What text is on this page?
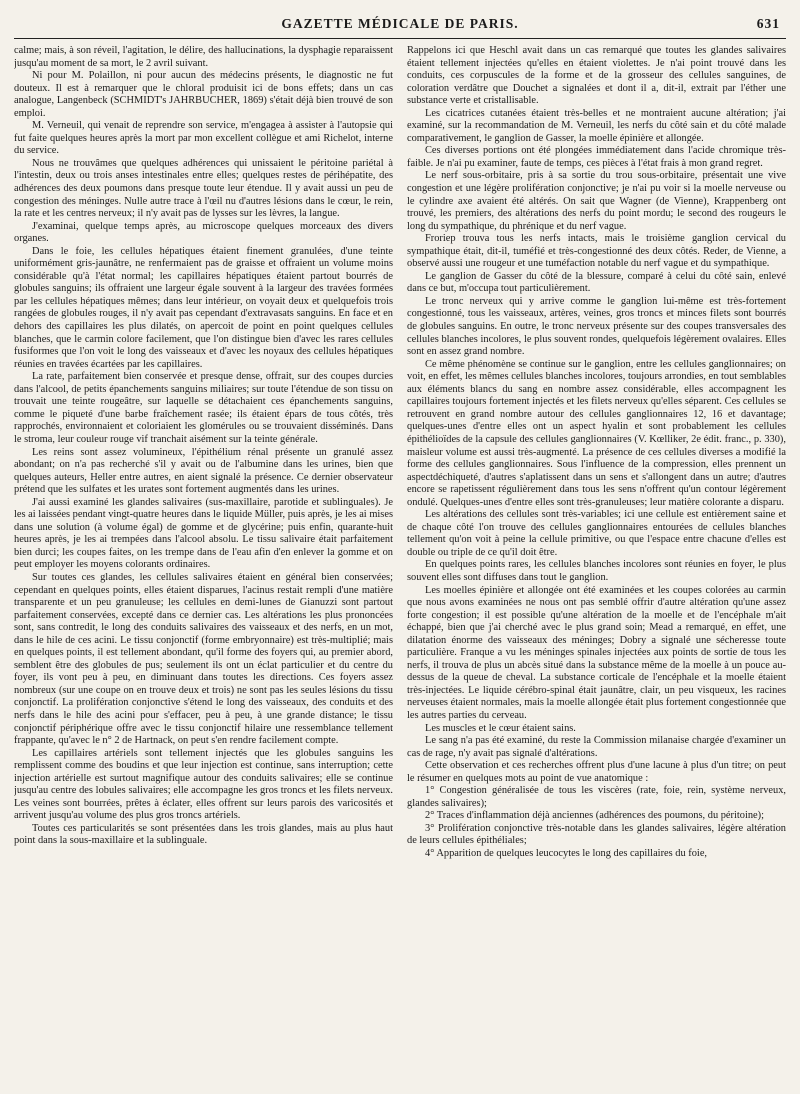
GAZETTE MÉDICALE DE PARIS.	631

calme; mais, à son réveil, l'agitation, le délire, des hallucinations, la dysphagie reparaissent jusqu'au moment de sa mort, le 2 avril suivant.

Ni pour M. Polaillon, ni pour aucun des médecins présents, le diagnostic ne fut douteux. Il est à remarquer que le chloral produisit ici de bons effets; dans un cas analogue, Langenbeck (SCHMIDT's JAHRBUCHER, 1869) s'était déjà bien trouvé de son emploi.

M. Verneuil, qui venait de reprendre son service, m'engagea à assister à l'autopsie qui fut faite quelques heures après la mort par mon excellent collègue et ami Richelot, interne du service.

Nous ne trouvâmes que quelques adhérences qui unissaient le péritoine pariétal à l'intestin, deux ou trois anses intestinales entre elles; quelques restes de périhépatite, des adhérences des deux poumons dans presque toute leur étendue. Il y avait aussi un peu de congestion des méninges. Nulle autre trace à l'œil nu d'autres lésions dans le cœur, le rein, la rate et les centres nerveux; il n'y avait pas de lysses sur les lèvres, la langue.

J'examinai, quelque temps après, au microscope quelques morceaux des divers organes.

Dans le foie, les cellules hépatiques étaient finement granulées, d'une teinte uniformément gris-jaunâtre, ne renfermaient pas de graisse et offraient un volume moins considérable qu'à l'état normal; les capillaires hépatiques étaient partout bourrés de globules sanguins; ils offraient une largeur égale souvent à la largeur des travées formées par les cellules hépatiques mêmes; dans leur intérieur, on voyait deux et quelquefois trois rangées de globules rouges, il n'y avait pas cependant d'extravasats sanguins. En face et en dehors des capillaires les plus dilatés, on apercoit de point en point quelques cellules blanches, que le carmin colore facilement, que l'on distingue bien d'avec les rares cellules fusiformes que l'on voit le long des vaisseaux et d'avec les noyaux des cellules hépatiques réunies en travées écartées par les capillaires.

La rate, parfaitement bien conservée et presque dense, offrait, sur des coupes durcies dans l'alcool, de petits épanchements sanguins miliaires; sur toute l'étendue de son tissu on trouvait une teinte rougeâtre, sur laquelle se détachaient ces épanchements sanguins, comme le piqueté d'une barbe fraîchement rasée; ils étaient épars de tous côtés, très rapprochés, environnaient et coloriaient les glomérules ou se trouvaient disséminés. Dans le stroma, leur couleur rouge vif tranchait aisément sur la teinte générale.

Les reins sont assez volumineux, l'épithélium rénal présente un granulé assez abondant; on n'a pas recherché s'il y avait ou de l'albumine dans les urines, bien que quelques auteurs, Heller entre autres, en aient signalé la présence. Ce dernier observateur prétend que les sulfates et les urates sont fortement augmentés dans les urines.

J'ai aussi examiné les glandes salivaires (sus-maxillaire, parotide et sublinguales). Je les ai laissées pendant vingt-quatre heures dans le liquide Müller, puis après, je les ai mises dans une solution (à volume égal) de gomme et de glycérine; puis enfin, quarante-huit heures après, je les ai trempées dans l'alcool absolu. Le tissu salivaire était parfaitement bien durci; les coupes faites, on les trempe dans de l'eau afin d'en enlever la gomme et on peut employer les moyens colorants ordinaires.

Sur toutes ces glandes, les cellules salivaires étaient en général bien conservées; cependant en quelques points, elles étaient disparues, l'acinus restait rempli d'une matière transparente et un peu granuleuse; les cellules en demi-lunes de Gianuzzi sont partout parfaitement conservées, excepté dans ce dernier cas. Les altérations les plus prononcées sont, sans contredit, le long des conduits salivaires des vaisseaux et des nerfs, en un mot, dans le hile de ces acini. Le tissu conjonctif (forme embryonnaire) est très-multiplié; mais en quelques points, il est tellement abondant, qu'il forme des foyers qui, au premier abord, semblent être des globules de pus; seulement ils ont un éclat particulier et du centre du foyer, ils vont peu à peu, en diminuant dans toutes les directions. Ces foyers assez nombreux (sur une coupe on en trouve deux et trois) ne sont pas les seules lésions du tissu conjonctif. La prolifération conjonctive s'étend le long des vaisseaux, des conduits et des nerfs dans le hile des acini pour s'effacer, peu à peu, à une grande distance; le tissu conjonctif périphérique offre avec le tissu conjonctif hilaire une ressemblance tellement frappante, qu'avec le n° 2 de Hartnack, on peut s'en rendre facilement compte.

Les capillaires artériels sont tellement injectés que les globules sanguins les remplissent comme des boudins et que leur injection est continue, sans interruption; cette injection artérielle est surtout magnifique autour des conduits salivaires; elle se continue jusqu'au centre des lobules salivaires; elle accompagne les gros troncs et les filets nerveux. Les veines sont bourrées, prêtes à éclater, elles offrent sur leurs parois des varicosités et arrivent jusqu'au volume des plus gros troncs artériels.

Toutes ces particularités se sont présentées dans les trois glandes, mais au plus haut point dans la sous-maxillaire et la sublinguale.

Rappelons ici que Heschl avait dans un cas remarqué que toutes les glandes salivaires étaient tellement injectées qu'elles en étaient violettes. Je n'ai point trouvé dans les conduits, ces corpuscules de la forme et de la grosseur des cellules sanguines, de coloration verdâtre que Douchet a signalées et dont il a, dit-il, extrait par l'éther une substance verte et cristallisable.

Les cicatrices cutanées étaient très-belles et ne montraient aucune altération; j'ai examiné, sur la recommandation de M. Verneuil, les nerfs du côté sain et du côté malade comparativement, le ganglion de Gasser, la moelle épinière et allongée.

Ces diverses portions ont été plongées immédiatement dans l'acide chromique très-faible. Je n'ai pu examiner, faute de temps, ces pièces à l'état frais à mon grand regret.

Le nerf sous-orbitaire, pris à sa sortie du trou sous-orbitaire, présentait une vive congestion et une légère prolifération conjonctive; je n'ai pu voir si la moelle nerveuse ou le cylindre axe avaient été altérés. On sait que Wagner (de Vienne), Krappenberg ont trouvé, les premiers, des altérations des nerfs du point mordu; le second des rougeurs le long du sympathique, du phrénique et du nerf vague.

Froriep trouva tous les nerfs intacts, mais le troisième ganglion cervical du sympathique était, dit-il, tuméfié et très-congestionné des deux côtés. Reder, de Vienne, a observé aussi une rougeur et une tuméfaction notable du nerf vague et du sympathique.

Le ganglion de Gasser du côté de la blessure, comparé à celui du côté sain, enlevé dans ce but, m'occupa tout particulièrement.

Le tronc nerveux qui y arrive comme le ganglion lui-même est très-fortement congestionné, tous les vaisseaux, artères, veines, gros troncs et minces filets sont bourrés de globules sanguins. En outre, le tronc nerveux présente sur des coupes transversales des cellules blanches incolores, le plus souvent rondes, quelquefois légèrement ovalaires. Elles sont en assez grand nombre.

Ce même phénomène se continue sur le ganglion, entre les cellules ganglionnaires; on voit, en effet, les mêmes cellules blanches incolores, toujours arrondies, en tout semblables aux éléments blancs du sang en nombre assez considérable, elles accompagnent les capillaires toujours fortement injectés et les filets nerveux qu'elles séparent. Ces cellules se retrouvent en grand nombre autour des cellules ganglionnaires 12, 16 et davantage; quelques-unes d'entre elles ont un aspect hyalin et sont probablement les cellules épithélioïdes de la capsule des cellules ganglionnaires (V. Kœlliker, 2e édit. franc., p. 330), maisleur volume est aussi très-augmenté. La présence de ces cellules diverses a modifié la forme des cellules ganglionnaires. Sous l'influence de la compression, elles prennent un aspectdéchiqueté, d'autres s'aplatissent dans un sens et s'allongent dans un autre; d'autres encore se rapetissent régulièrement dans tous les sens n'offrent qu'un contour légèrement ondulé. Quelques-unes d'entre elles sont très-granuleuses; leur matière colorante a disparu.

Les altérations des cellules sont très-variables; ici une cellule est entièrement saine et de chaque côté l'on trouve des cellules ganglionnaires entourées de cellules blanches tellement qu'on voit à peine la cellule primitive, ou que l'espace entre chacune d'elles est double ou triple de ce qu'il doit être.

En quelques points rares, les cellules blanches incolores sont réunies en foyer, le plus souvent elles sont diffuses dans tout le ganglion.

Les moelles épinière et allongée ont été examinées et les coupes colorées au carmin que nous avons examinées ne nous ont pas semblé offrir d'autre altération qu'une assez forte congestion; il est possible qu'une altération de la moelle et de l'encéphale m'ait échappé, bien que j'ai cherché avec le plus grand soin; Mead a remarqué, en effet, une dilatation énorme des vaisseaux des méninges; Dobry a signalé une sécheresse toute particulière. Franque a vu les méninges spinales injectées aux points de sortie de tous les nerfs, il trouva de plus un abcès situé dans la substance même de la moelle à un pouce au-dessus de la queue de cheval. La substance corticale de l'encéphale et la moelle étaient très-injectées. Le liquide cérébro-spinal était jaunâtre, clair, un peu visqueux, les racines nerveuses étaient normales, mais la moelle allongée était plus fortement congestionnée que les autres parties du cerveau.

Les muscles et le cœur étaient sains.

Le sang n'a pas été examiné, du reste la Commission milanaise chargée d'examiner un cas de rage, n'y avait pas signalé d'altérations.

Cette observation et ces recherches offrent plus d'une lacune à plus d'un titre; on peut le résumer en quelques mots au point de vue anatomique :

1° Congestion généralisée de tous les viscères (rate, foie, rein, système nerveux, glandes salivaires);

2° Traces d'inflammation déjà anciennes (adhérences des poumons, du péritoine);

3° Prolifération conjonctive très-notable dans les glandes salivaires, légère altération de leurs cellules épithéliales;

4° Apparition de quelques leucocytes le long des capillaires du foie,
